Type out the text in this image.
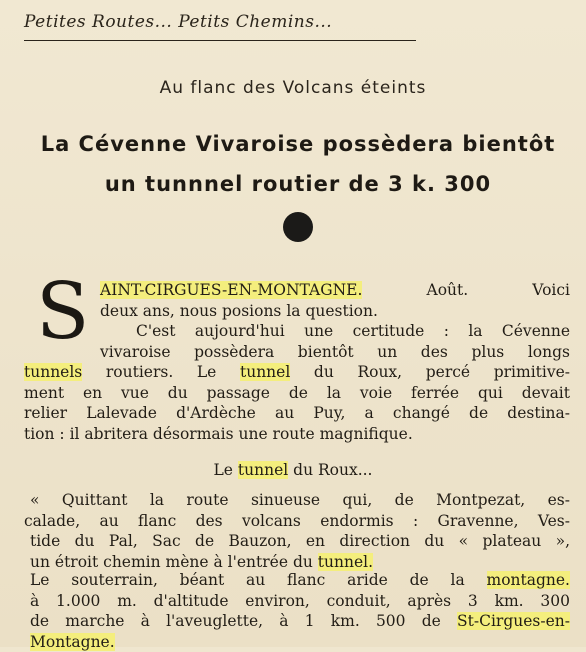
Petites Routes... Petits Chemins...
Au flanc des Volcans éteints
La Cévenne Vivaroise possèdera bientôt
un tunnnel routier de 3 k. 300
S AINT-CIRGUES-EN-MONTAGNE. Août. Voici
deux ans, nous posions la question.
C'est aujourd'hui une certitude : la Cévenne
vivaroise possèdera bientôt un des plus longs
tunnels routiers. Le tunnel du Roux, percé primitive-
ment en vue du passage de la voie ferrée qui devait
relier Lalevade d'Ardèche au Puy, a changé de destina-
tion : il abritera désormais une route magnifique.
Le tunnel du Roux...
« Quittant la route sinueuse qui, de Montpezat, es-
calade, au flanc des volcans endormis : Gravenne, Ves-
tide du Pal, Sac de Bauzon, en direction du « plateau »,
un étroit chemin mène à l'entrée du tunnel.
Le souterrain, béant au flanc aride de la montagne.
à 1.000 m. d'altitude environ, conduit, après 3 km. 300
de marche à l'aveuglette, à 1 km. 500 de St-Cirgues-en-
Montagne.
